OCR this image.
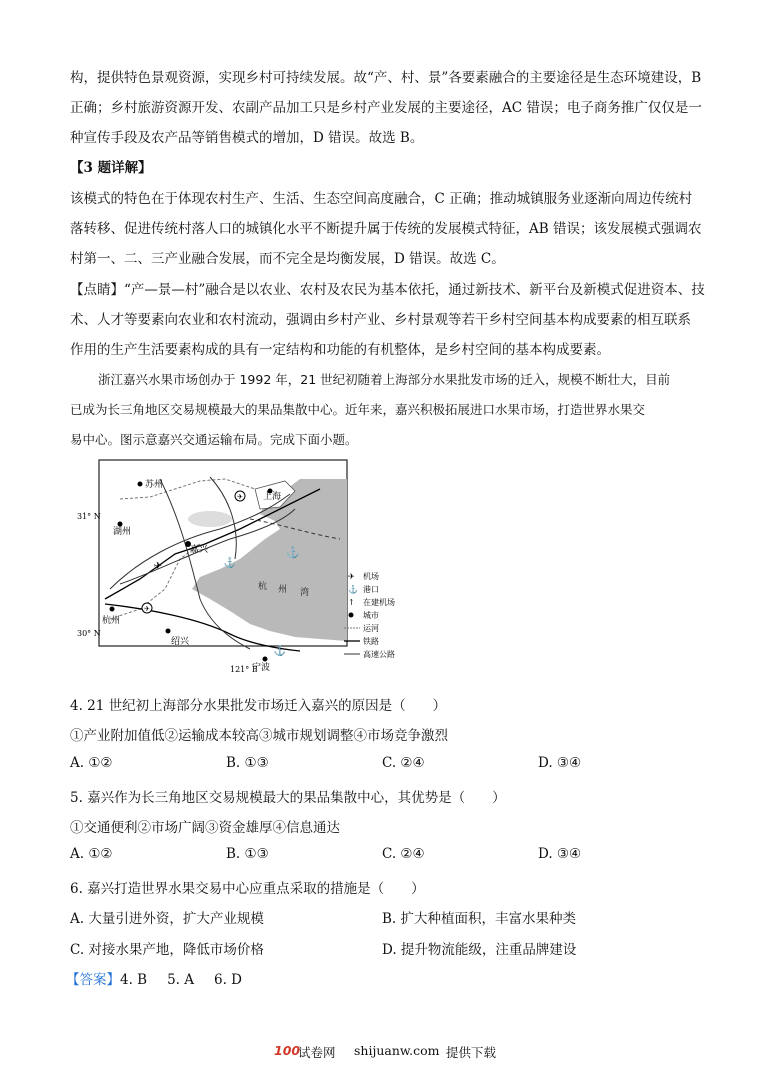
构，提供特色景观资源，实现乡村可持续发展。故“产、村、景”各要素融合的主要途径是生态环境建设，B
正确；乡村旅游资源开发、农副产品加工只是乡村产业发展的主要途径，AC 错误；电子商务推广仅仅是一
种宣传手段及农产品等销售模式的增加，D 错误。故选 B。
【3 题详解】
该模式的特色在于体现农村生产、生活、生态空间高度融合，C 正确；推动城镇服务业逐渐向周边传统村
落转移、促进传统村落人口的城镇化水平不断提升属于传统的发展模式特征，AB 错误；该发展模式强调农
村第一、二、三产业融合发展，而不完全是均衡发展，D 错误。故选 C。
【点睛】“产—景—村”融合是以农业、农村及农民为基本依托，通过新技术、新平台及新模式促进资本、技
术、人才等要素向农业和农村流动，强调由乡村产业、乡村景观等若干乡村空间基本构成要素的相互联系
作用的生产生活要素构成的具有一定结构和功能的有机整体，是乡村空间的基本构成要素。
浙江嘉兴水果市场创办于 1992 年，21 世纪初随着上海部分水果批发市场的迁入，规模不断壮大，目前
已成为长三角地区交易规模最大的果品集散中心。近年来，嘉兴积极拓展进口水果市场，打造世界水果交
易中心。图示意嘉兴交通运输布局。完成下面小题。
✈
✈
⚓
⚓
⚓
✈
苏州
上海
湖州
嘉兴
杭州
绍兴
宁波
杭 州 湾
31° N
30° N
121° E
✈ 机场
⚓ 港口
↑ 在建机场
城市
运河
铁路
高速公路
4. 21 世纪初上海部分水果批发市场迁入嘉兴的原因是（　　）
①产业附加值低②运输成本较高③城市规划调整④市场竞争激烈
A. ①②	B. ①③	C. ②④	D. ③④
5. 嘉兴作为长三角地区交易规模最大的果品集散中心，其优势是（　　）
①交通便利②市场广阔③资金雄厚④信息通达
A. ①②	B. ①③	C. ②④	D. ③④
6. 嘉兴打造世界水果交易中心应重点采取的措施是（　　）
A. 大量引进外资，扩大产业规模	B. 扩大种植面积，丰富水果种类
C. 对接水果产地，降低市场价格	D. 提升物流能级，注重品牌建设
【答案】4. B 5. A 6. D
100
试卷网 shijuanw.com 提供下载
